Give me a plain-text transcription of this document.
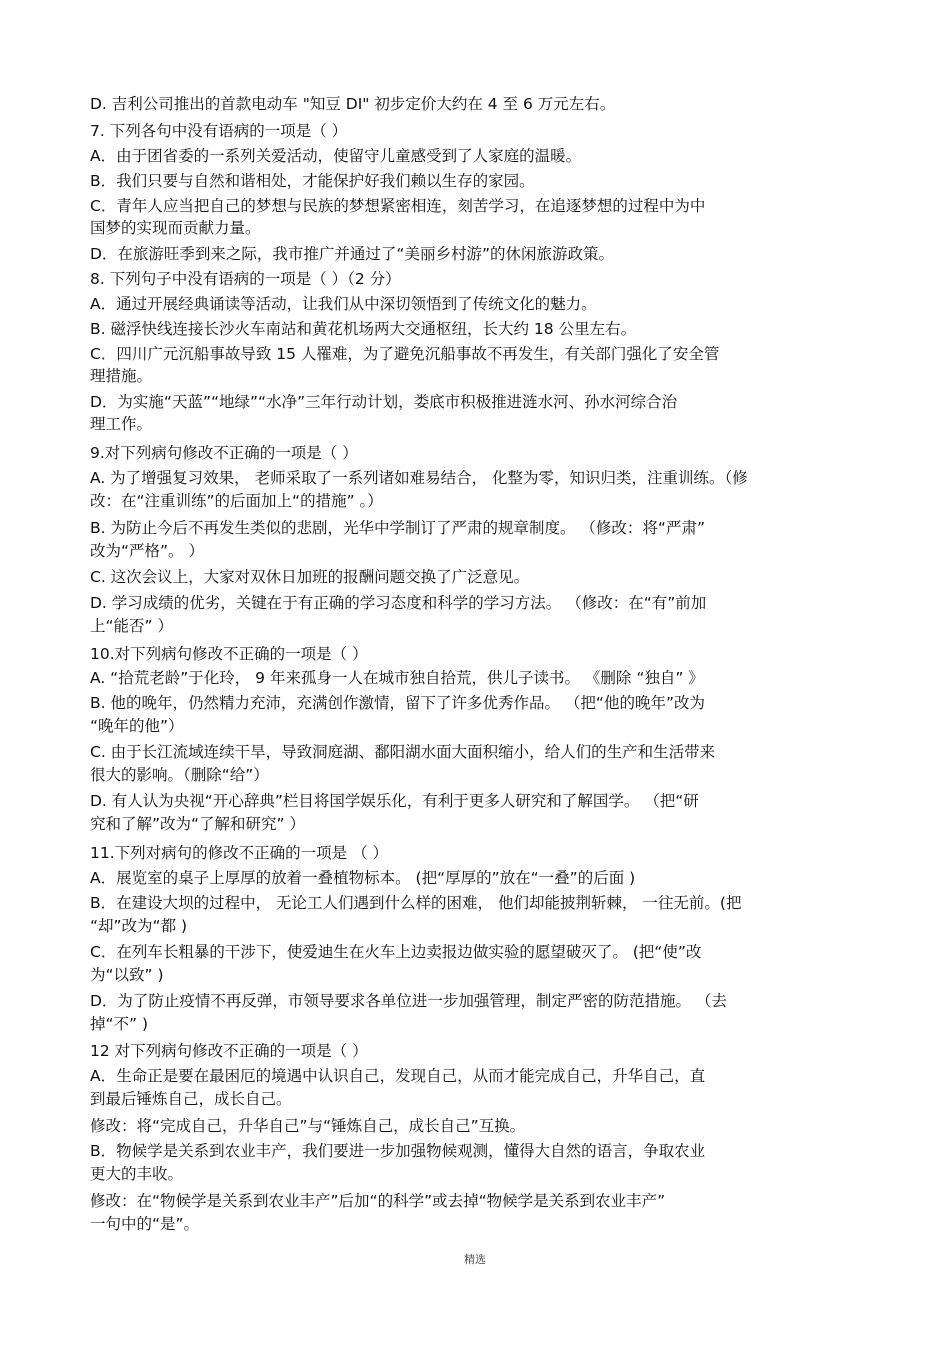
D. 吉利公司推出的首款电动车 "知豆 DI" 初步定价大约在 4 至 6 万元左右。
7. 下列各句中没有语病的一项是（ ）
A．由于团省委的一系列关爱活动，使留守儿童感受到了人家庭的温暖。
B．我们只要与自然和谐相处，才能保护好我们赖以生存的家园。
C．青年人应当把自己的梦想与民族的梦想紧密相连，刻苦学习，在追逐梦想的过程中为中
国梦的实现而贡献力量。
D．在旅游旺季到来之际，我市推广并通过了“美丽乡村游”的休闲旅游政策。
8. 下列句子中没有语病的一项是（ ）（2 分）
A．通过开展经典诵读等活动，让我们从中深切领悟到了传统文化的魅力。
B. 磁浮快线连接长沙火车南站和黄花机场两大交通枢纽，长大约 18 公里左右。
C．四川广元沉船事故导致 15 人罹难，为了避免沉船事故不再发生，有关部门强化了安全管
理措施。
D．为实施“天蓝”“地绿”“水净”三年行动计划，娄底市积极推进涟水河、孙水河综合治
理工作。
9.对下列病句修改不正确的一项是（ ）
A. 为了增强复习效果， 老师采取了一系列诸如难易结合， 化整为零，知识归类，注重训练。（修
改：在“注重训练”的后面加上“的措施” 。）
B. 为防止今后不再发生类似的悲剧，光华中学制订了严肃的规章制度。 （修改：将“严肃”
改为“严格”。 ）
C. 这次会议上，大家对双休日加班的报酬问题交换了广泛意见。
D. 学习成绩的优劣，关键在于有正确的学习态度和科学的学习方法。 （修改：在“有”前加
上“能否” ）
10.对下列病句修改不正确的一项是（ ）
A. “拾荒老龄”于化玲， 9 年来孤身一人在城市独自拾荒，供儿子读书。 《删除 “独自” 》
B. 他的晚年，仍然精力充沛，充满创作激情，留下了许多优秀作品。 （把“他的晚年”改为
“晚年的他”）
C. 由于长江流域连续干旱，导致洞庭湖、鄱阳湖水面大面积缩小，给人们的生产和生活带来
很大的影响。（删除“给”）
D. 有人认为央视“开心辞典”栏目将国学娱乐化，有利于更多人研究和了解国学。 （把“研
究和了解”改为“了解和研究” ）
11.下列对病句的修改不正确的一项是 （ ）
A．展览室的桌子上厚厚的放着一叠植物标本。 (把“厚厚的”放在“一叠”的后面 )
B．在建设大坝的过程中， 无论工人们遇到什么样的困难， 他们却能披荆斩棘， 一往无前。(把
“却”改为“都 )
C．在列车长粗暴的干涉下，使爱迪生在火车上边卖报边做实验的愿望破灭了。 (把“使”改
为“以致” )
D．为了防止疫情不再反弹，市领导要求各单位进一步加强管理，制定严密的防范措施。 （去
掉“不” )
12 对下列病句修改不正确的一项是（ ）
A．生命正是要在最困厄的境遇中认识自己，发现自己，从而才能完成自己，升华自己，直
到最后锤炼自己，成长自己。
修改：将“完成自己，升华自己”与“锤炼自己，成长自己”互换。
B．物候学是关系到农业丰产，我们要进一步加强物候观测，懂得大自然的语言，争取农业
更大的丰收。
修改：在“物候学是关系到农业丰产”后加“的科学”或去掉“物候学是关系到农业丰产”
一句中的“是”。
精选
